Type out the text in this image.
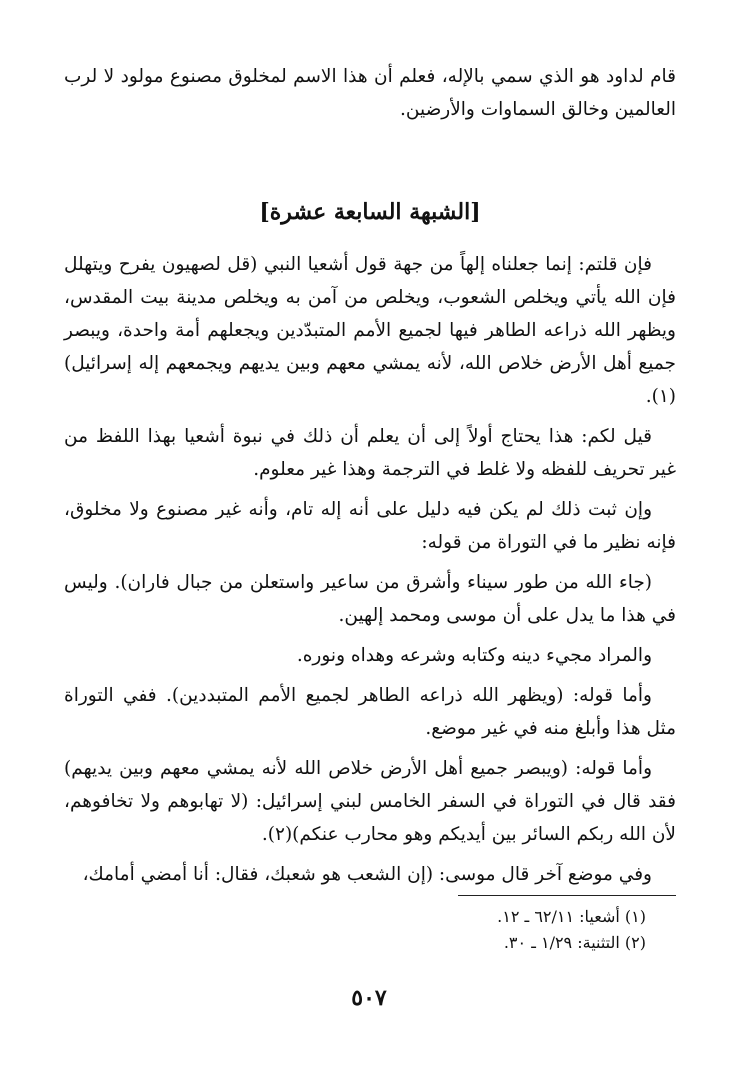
قام لداود هو الذي سمي بالإله، فعلم أن هذا الاسم لمخلوق مصنوع مولود لا لرب العالمين وخالق السماوات والأرضين.

[الشبهة السابعة عشرة]

فإن قلتم: إنما جعلناه إلهاً من جهة قول أشعيا النبي (قل لصهيون يفرح ويتهلل فإن الله يأتي ويخلص الشعوب، ويخلص من آمن به ويخلص مدينة بيت المقدس، ويظهر الله ذراعه الطاهر فيها لجميع الأمم المتبدّدين ويجعلهم أمة واحدة، ويبصر جميع أهل الأرض خلاص الله، لأنه يمشي معهم وبين يديهم ويجمعهم إله إسرائيل)(١).

قيل لكم: هذا يحتاج أولاً إلى أن يعلم أن ذلك في نبوة أشعيا بهذا اللفظ من غير تحريف للفظه ولا غلط في الترجمة وهذا غير معلوم.

وإن ثبت ذلك لم يكن فيه دليل على أنه إله تام، وأنه غير مصنوع ولا مخلوق، فإنه نظير ما في التوراة من قوله:

(جاء الله من طور سيناء وأشرق من ساعير واستعلن من جبال فاران). وليس في هذا ما يدل على أن موسى ومحمد إلهين.

والمراد مجيء دينه وكتابه وشرعه وهداه ونوره.

وأما قوله: (ويظهر الله ذراعه الطاهر لجميع الأمم المتبددين). ففي التوراة مثل هذا وأبلغ منه في غير موضع.

وأما قوله: (ويبصر جميع أهل الأرض خلاص الله لأنه يمشي معهم وبين يديهم) فقد قال في التوراة في السفر الخامس لبني إسرائيل: (لا تهابوهم ولا تخافوهم، لأن الله ربكم السائر بين أيديكم وهو محارب عنكم)(٢).

وفي موضع آخر قال موسى: (إن الشعب هو شعبك، فقال: أنا أمضي أمامك،

(١) أشعيا: ٦٢/١١ ـ ١٢.

(٢) التثنية: ١/٢٩ ـ ٣٠.

٥٠٧
